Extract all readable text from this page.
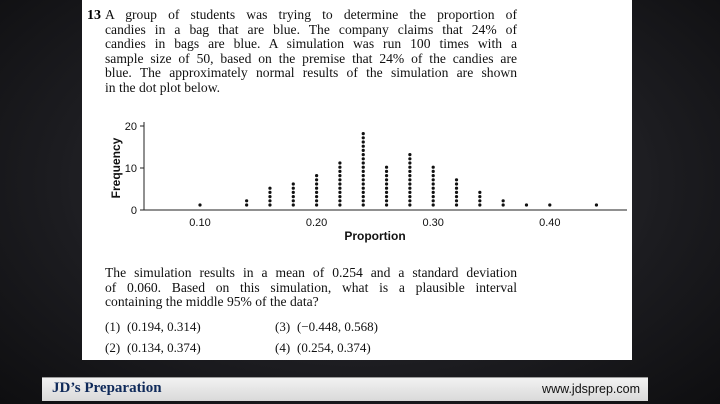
13 A group of students was trying to determine the proportion of
candies in a bag that are blue. The company claims that 24% of
candies in bags are blue. A simulation was run 100 times with a
sample size of 50, based on the premise that 24% of the candies are
blue. The approximately normal results of the simulation are shown
in the dot plot below.
0
10
20
0.10	0.20	0.30	0.40
Proportion
Frequency
The simulation results in a mean of 0.254 and a standard deviation
of 0.060. Based on this simulation, what is a plausible interval
containing the middle 95% of the data?
(1) (0.194, 0.314)
(2) (0.134, 0.374)
(3) (−0.448, 0.568)
(4) (0.254, 0.374)
JD’s Preparation	www.jdsprep.com
